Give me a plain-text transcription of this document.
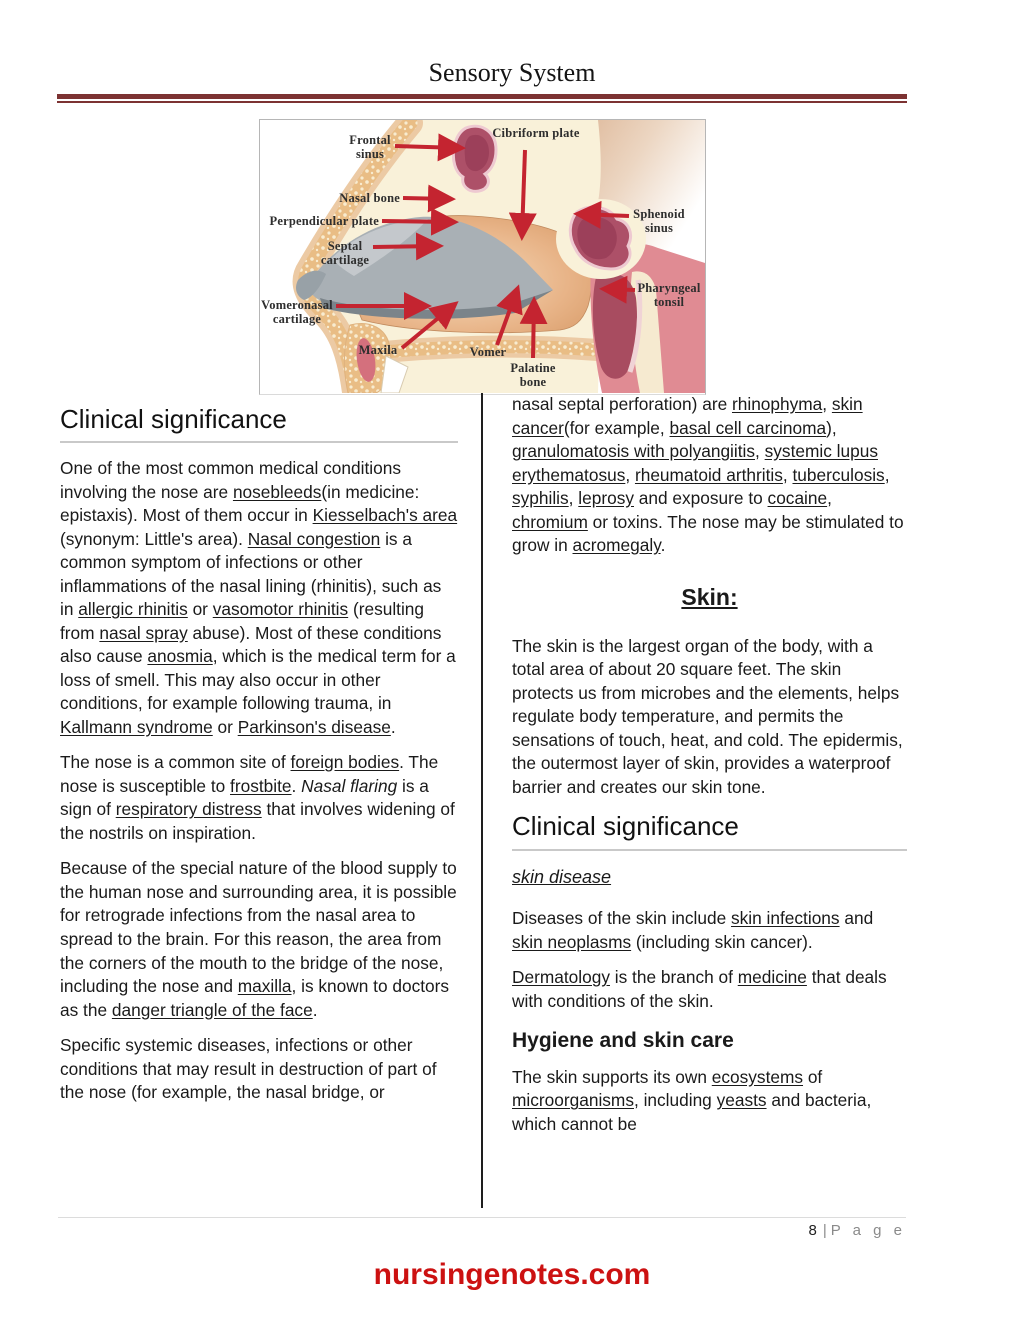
Sensory System
Frontal
sinus
Cibriform plate
Nasal bone
Perpendicular plate
Septal
cartilage
Vomeronasal
cartilage
Maxila	Vomer
Palatine
bone
Sphenoid
sinus
Pharyngeal
tonsil
Clinical significance

One of the most common medical conditions involving the nose are nosebleeds(in medicine: epistaxis). Most of them occur in Kiesselbach's area (synonym: Little's area). Nasal congestion is a common symptom of infections or other inflammations of the nasal lining (rhinitis), such as in allergic rhinitis or vasomotor rhinitis (resulting from nasal spray abuse). Most of these conditions also cause anosmia, which is the medical term for a loss of smell. This may also occur in other conditions, for example following trauma, in Kallmann syndrome or Parkinson's disease.

The nose is a common site of foreign bodies. The nose is susceptible to frostbite. Nasal flaring is a sign of respiratory distress that involves widening of the nostrils on inspiration.

Because of the special nature of the blood supply to the human nose and surrounding area, it is possible for retrograde infections from the nasal area to spread to the brain. For this reason, the area from the corners of the mouth to the bridge of the nose, including the nose and maxilla, is known to doctors as the danger triangle of the face.

Specific systemic diseases, infections or other conditions that may result in destruction of part of the nose (for example, the nasal bridge, or

nasal septal perforation) are rhinophyma, skin cancer(for example, basal cell carcinoma), granulomatosis with polyangiitis, systemic lupus erythematosus, rheumatoid arthritis, tuberculosis, syphilis, leprosy and exposure to cocaine, chromium or toxins. The nose may be stimulated to grow in acromegaly.

Skin:

The skin is the largest organ of the body, with a total area of about 20 square feet. The skin protects us from microbes and the elements, helps regulate body temperature, and permits the sensations of touch, heat, and cold. The epidermis, the outermost layer of skin, provides a waterproof barrier and creates our skin tone.

Clinical significance
skin disease

Diseases of the skin include skin infections and skin neoplasms (including skin cancer).

Dermatology is the branch of medicine that deals with conditions of the skin.

Hygiene and skin care

The skin supports its own ecosystems of microorganisms, including yeasts and bacteria, which cannot be

8 | P a g e
nursingenotes.com
